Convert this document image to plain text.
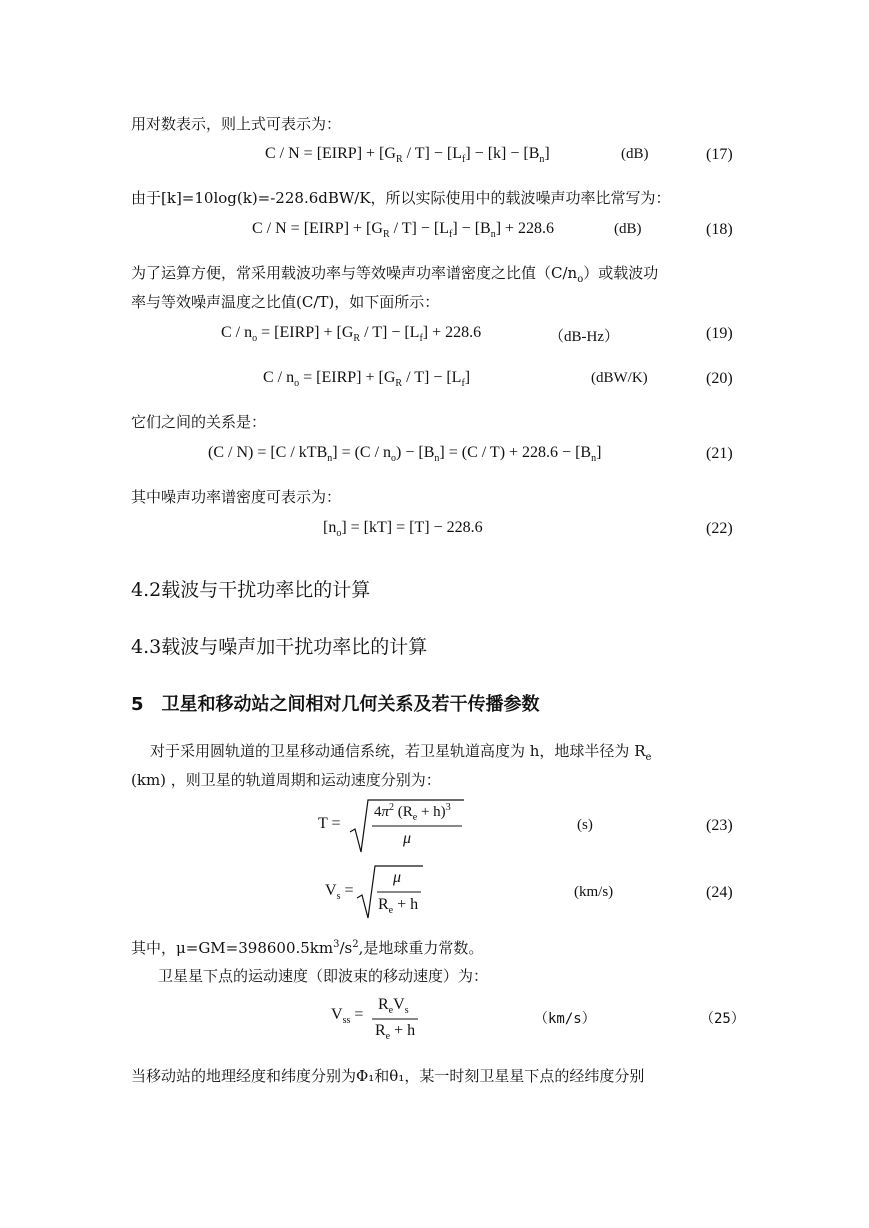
用对数表示，则上式可表示为：
C / N = [EIRP] + $[G_R / T] - [L_f] - [k] - [B_n]$	(dB)	(17)
由于[k]=10log(k)=-228.6dBW/K，所以实际使用中的载波噪声功率比常写为：
C / N = [EIRP] + $[G_R / T] - [L_f] - [B_n] + 228.6$	(dB)	(18)
为了运算方便，常采用载波功率与等效噪声功率谱密度之比值$(C/n_o)$或载波功
率与等效噪声温度之比值(C/T)，如下面所示：
C / $n_o$ = [EIRP] + $[G_R / T] - [L_f] + 228.6$	（dB-Hz）	(19)
C / $n_o$ = [EIRP] + $[G_R / T] - [L_f]$	(dBW/K)	(20)
它们之间的关系是：
$(C / N) = [C / kTB_n] = (C / n_o) - [B_n] = (C / T) + 228.6 - [B_n]$	(21)
其中噪声功率谱密度可表示为：
$[n_o] = [kT] = [T] - 228.6$	(22)
4.2载波与干扰功率比的计算
4.3载波与噪声加干扰功率比的计算
5　卫星和移动站之间相对几何关系及若干传播参数
对于采用圆轨道的卫星移动通信系统，若卫星轨道高度为 h，地球半径为 $R_e$
(km) ，则卫星的轨道周期和运动速度分别为：
T =
$4\pi^2$ $(R_e + h)^3$
μ
(s)	(23)
$V_s$ =
μ
$R_e + h$
(km/s)	(24)
其中，$\mu=GM=398600.5km^3/s^2$,是地球重力常数。
卫星星下点的运动速度（即波束的移动速度）为：
$V_{ss}$ =
$R_eV_s$
$R_e + h$
（km/s）	（25）
当移动站的地理经度和纬度分别为Φ₁和θ₁，某一时刻卫星星下点的经纬度分别
